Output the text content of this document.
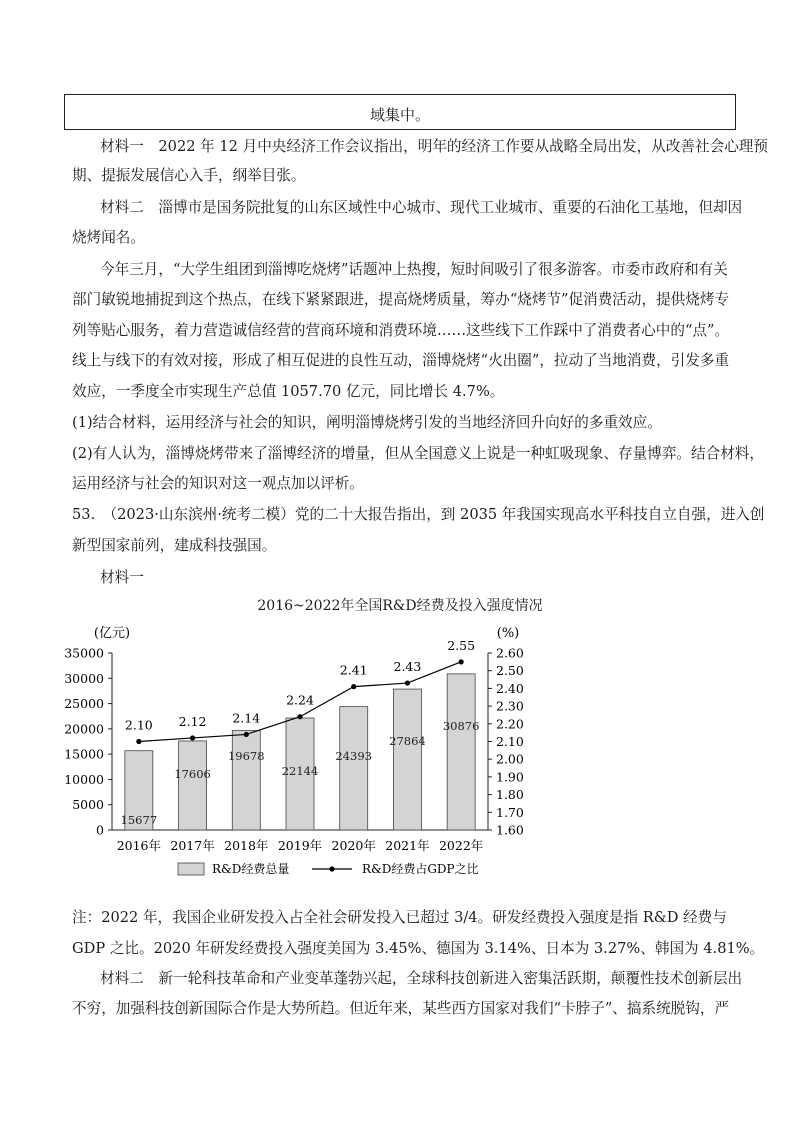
域集中。
材料一　2022 年 12 月中央经济工作会议指出，明年的经济工作要从战略全局出发，从改善社会心理预
期、提振发展信心入手，纲举目张。
材料二　淄博市是国务院批复的山东区域性中心城市、现代工业城市、重要的石油化工基地，但却因
烧烤闻名。
今年三月，“大学生组团到淄博吃烧烤”话题冲上热搜，短时间吸引了很多游客。市委市政府和有关
部门敏锐地捕捉到这个热点，在线下紧紧跟进，提高烧烤质量，筹办“烧烤节”促消费活动，提供烧烤专
列等贴心服务，着力营造诚信经营的营商环境和消费环境……这些线下工作踩中了消费者心中的“点”。
线上与线下的有效对接，形成了相互促进的良性互动，淄博烧烤“火出圈”，拉动了当地消费，引发多重
效应，一季度全市实现生产总值 1057.70 亿元，同比增长 4.7%。
(1)结合材料，运用经济与社会的知识，阐明淄博烧烤引发的当地经济回升向好的多重效应。
(2)有人认为，淄博烧烤带来了淄博经济的增量，但从全国意义上说是一种虹吸现象、存量博弈。结合材料，
运用经济与社会的知识对这一观点加以评析。
53.　（2023·山东滨州·统考二模）党的二十大报告指出，到 2035 年我国实现高水平科技自立自强，进入创
新型国家前列，建成科技强国。
材料一
2016~2022年全国R&D经费及投入强度情况
(亿元)	(%)
0
5000
10000
15000
20000
25000
30000
35000
1.60
1.70
1.80
1.90
2.00
2.10
2.20
2.30
2.40
2.50
2.60
15677
2016年
17606
2017年
19678
2018年
22144
2019年
24393
2020年
27864
2021年
30876
2022年
2.10 2.12 2.14
2.24
2.41 2.43
2.55
R&D经费总量	R&D经费占GDP之比
注：2022 年，我国企业研发投入占全社会研发投入已超过 3/4。研发经费投入强度是指 R&D 经费与
GDP 之比。2020 年研发经费投入强度美国为 3.45%、德国为 3.14%、日本为 3.27%、韩国为 4.81%。
材料二　新一轮科技革命和产业变革蓬勃兴起，全球科技创新进入密集活跃期，颠覆性技术创新层出
不穷，加强科技创新国际合作是大势所趋。但近年来，某些西方国家对我们“卡脖子”、搞系统脱钩，严
